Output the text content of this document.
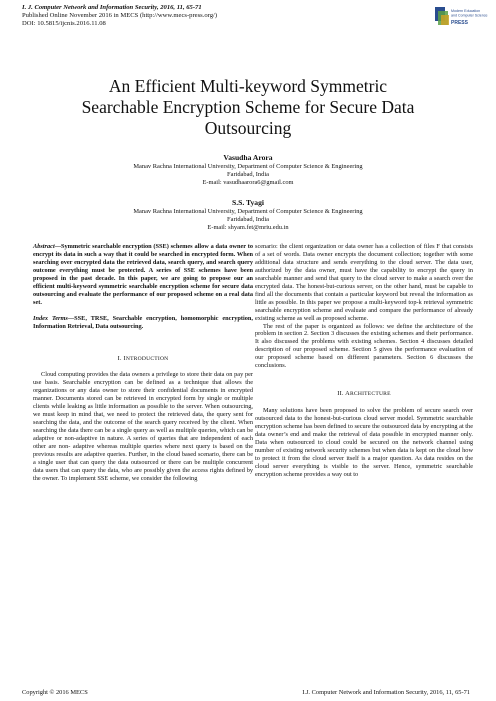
I. J. Computer Network and Information Security, 2016, 11, 65-71
Published Online November 2016 in MECS (http://www.mecs-press.org/)
DOI: 10.5815/ijcnis.2016.11.08
Modern Education
and Computer Science
PRESS
An Efficient Multi-keyword Symmetric
Searchable Encryption Scheme for Secure Data
Outsourcing
Vasudha Arora
Manav Rachna International University, Department of Computer Science & Engineering
Faridabad, India
E-mail: vasudhaarora6@gmail.com
S.S. Tyagi
Manav Rachna International University, Department of Computer Science & Engineering
Faridabad, India
E-mail: shyam.fet@mriu.edu.in

Abstract—Symmetric searchable encryption (SSE) schemes allow a data owner to encrypt its data in such a way that it could be searched in encrypted form. When searching over encrypted data the retrieved data, search query, and search query outcome everything must be protected. A series of SSE schemes have been proposed in the past decade. In this paper, we are going to propose our an efficient multi-keyword symmetric searchable encryption scheme for secure data outsourcing and evaluate the performance of our proposed scheme on a real data set.

Index Terms—SSE, TRSE, Searchable encryption, homomorphic encryption, Information Retrieval, Data outsourcing.

I. INTRODUCTION

Cloud computing provides the data owners a privilege to store their data on pay per use basis. Searchable encryption can be defined as a technique that allows the organizations or any data owner to store their confidential documents in encrypted manner. Documents stored can be retrieved in encrypted form by single or multiple clients while leaking as little information as possible to the server. When outsourcing, we must keep in mind that, we need to protect the retrieved data, the query sent for searching the data, and the outcome of the search query received by the client. When searching the data there can be a single query as well as multiple queries, which can be adaptive or non-adaptive in nature. A series of queries that are independent of each other are non- adaptive whereas multiple queries where next query is based on the previous results are adaptive queries. Further, in the cloud based scenario, there can be a single user that can query the data outsourced or there can be multiple concurrent data users that can query the data, who are possibly given the access rights defined by the owner. To implement SSE scheme, we consider the following

scenario: the client organization or data owner has a collection of files F that consists of a set of words. Data owner encrypts the document collection; together with some additional data structure and sends everything to the cloud server. The data user, authorized by the data owner, must have the capability to encrypt the query in searchable manner and send that query to the cloud server to make a search over the encrypted data. The honest-but-curious server, on the other hand, must be capable to find all the documents that contain a particular keyword but reveal the information as little as possible. In this paper we propose a multi-keyword top-k retrieval symmetric searchable encryption scheme and evaluate and compare the performance of already existing scheme as well as proposed scheme.

The rest of the paper is organized as follows: we define the architecture of the problem in section 2. Section 3 discusses the existing schemes and their performance. It also discussed the problems with existing schemes. Section 4 discusses detailed description of our proposed scheme. Section 5 gives the performance evaluation of our proposed scheme based on different parameters. Section 6 discusses the conclusions.

II. ARCHITECTURE

Many solutions have been proposed to solve the problem of secure search over outsourced data to the honest-but-curious cloud server model. Symmetric searchable encryption scheme has been defined to secure the outsourced data by encrypting at the data owner’s end and make the retrieval of data possible in encrypted manner only. Data when outsourced to cloud could be secured on the network channel using number of existing network security schemes but when data is kept on the cloud how to protect it from the cloud server itself is a major question. As data resides on the cloud server everything is visible to the server. Hence, symmetric searchable encryption scheme provides a way out to

Copyright © 2016 MECS	I.J. Computer Network and Information Security, 2016, 11, 65-71
